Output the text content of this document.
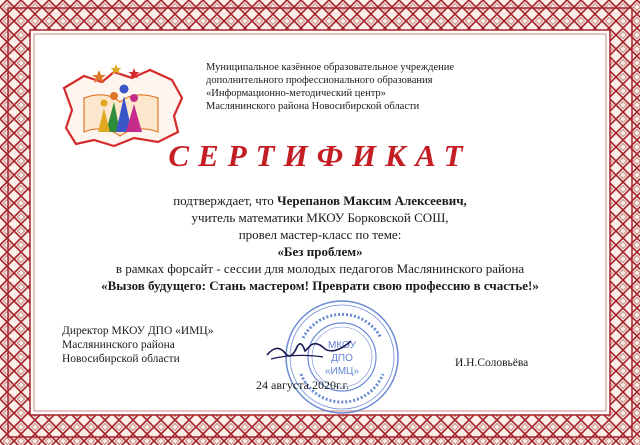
Муниципальное казённое образовательное учреждение
дополнительного профессионального образования
«Информационно-методический центр»
Маслянинского района Новосибирской области
СЕРТИФИКАТ
подтверждает, что Черепанов Максим Алексеевич,
учитель математики МКОУ Борковской СОШ,
провел мастер-класс по теме:
«Без проблем»
в рамках форсайт - сессии для молодых педагогов Маслянинского района
«Вызов будущего: Стань мастером! Преврати свою профессию в счастье!»
МКОУ
ДПО
«ИМЦ»
Директор МКОУ ДПО «ИМЦ»
Маслянинского района
Новосибирской области	И.Н.Соловьёва
24 августа 2020г.г.
